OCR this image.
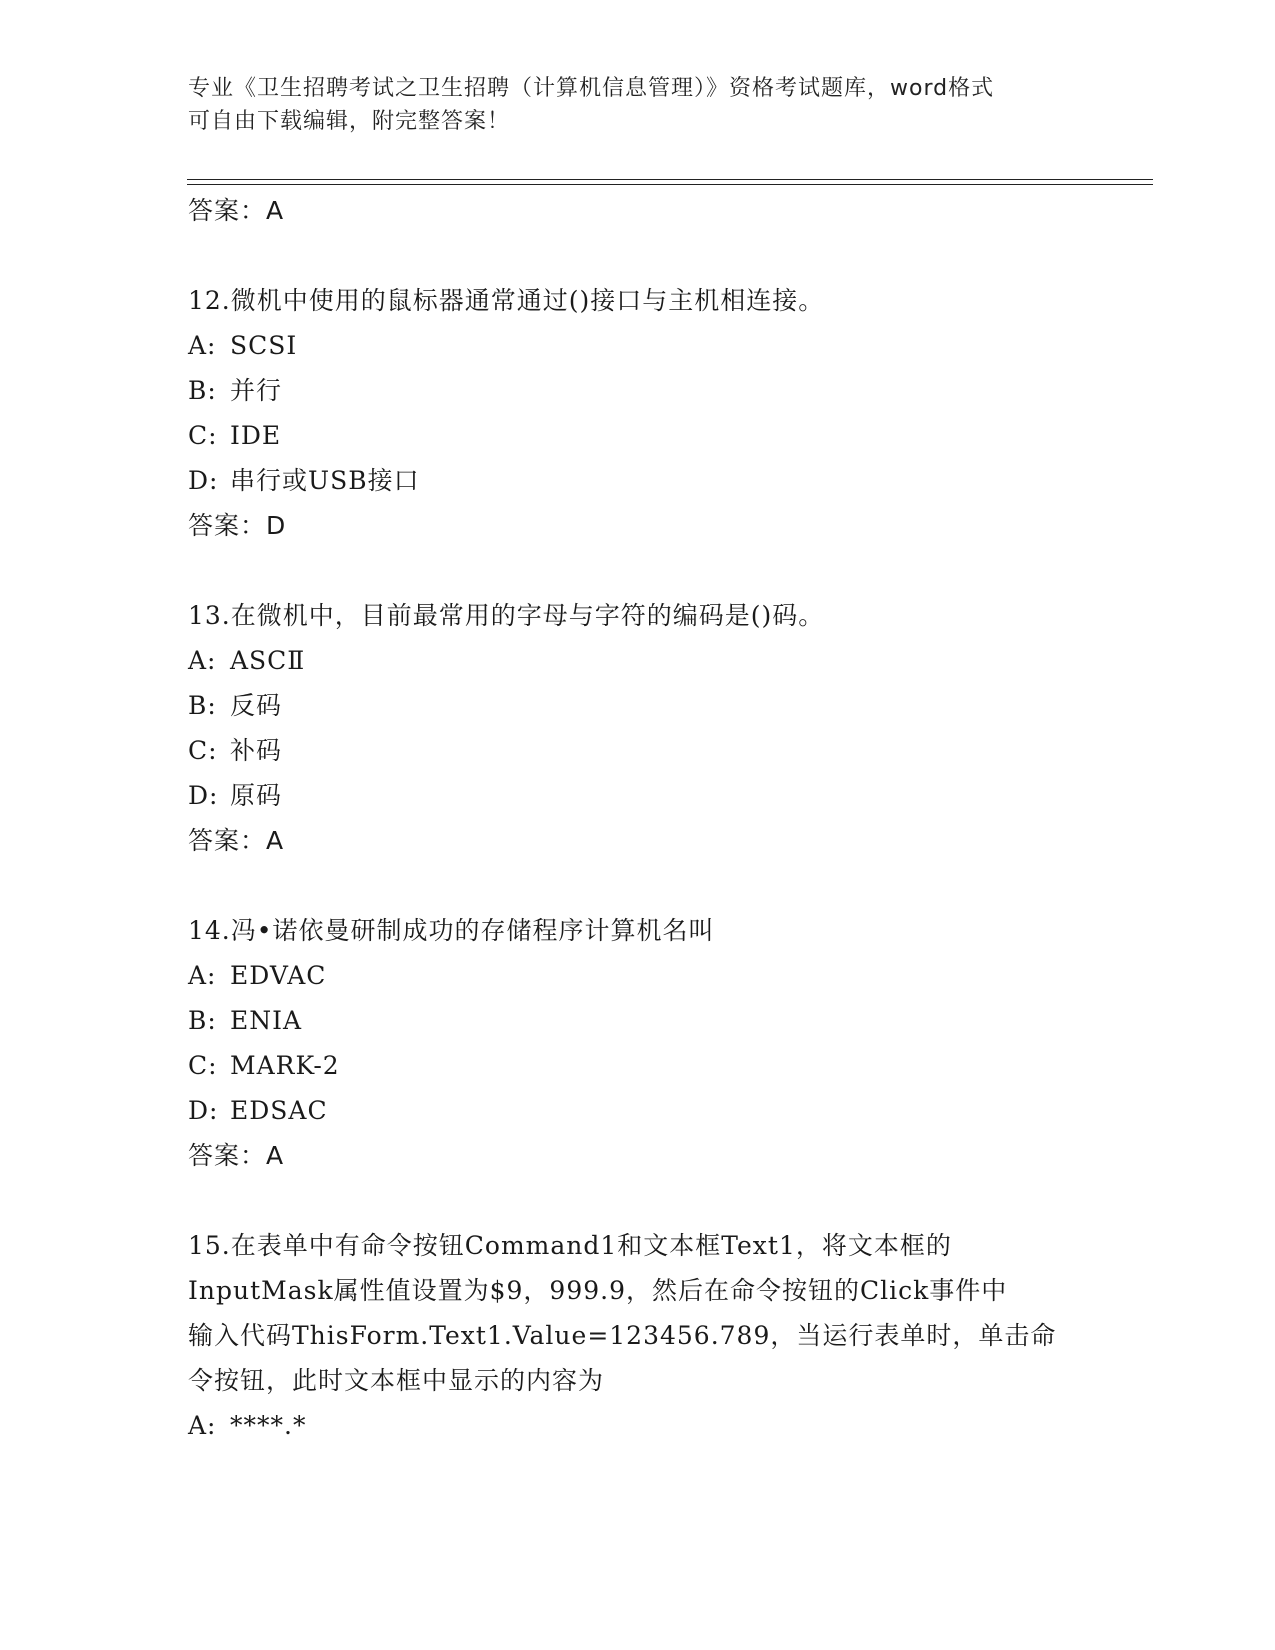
专业《卫生招聘考试之卫生招聘（计算机信息管理）》资格考试题库，word格式
可自由下载编辑，附完整答案！
答案：A
12.微机中使用的鼠标器通常通过()接口与主机相连接。
A: SCSI
B: 并行
C: IDE
D: 串行或USB接口
答案：D
13.在微机中，目前最常用的字母与字符的编码是()码。
A: ASCⅡ
B: 反码
C: 补码
D: 原码
答案：A
14.冯•诺依曼研制成功的存储程序计算机名叫
A: EDVAC
B: ENIA
C: MARK-2
D: EDSAC
答案：A
15.在表单中有命令按钮Command1和文本框Text1，将文本框的
InputMask属性值设置为$9，999.9，然后在命令按钮的Click事件中
输入代码ThisForm.Text1.Value=123456.789，当运行表单时，单击命
令按钮，此时文本框中显示的内容为
A: ****.*
